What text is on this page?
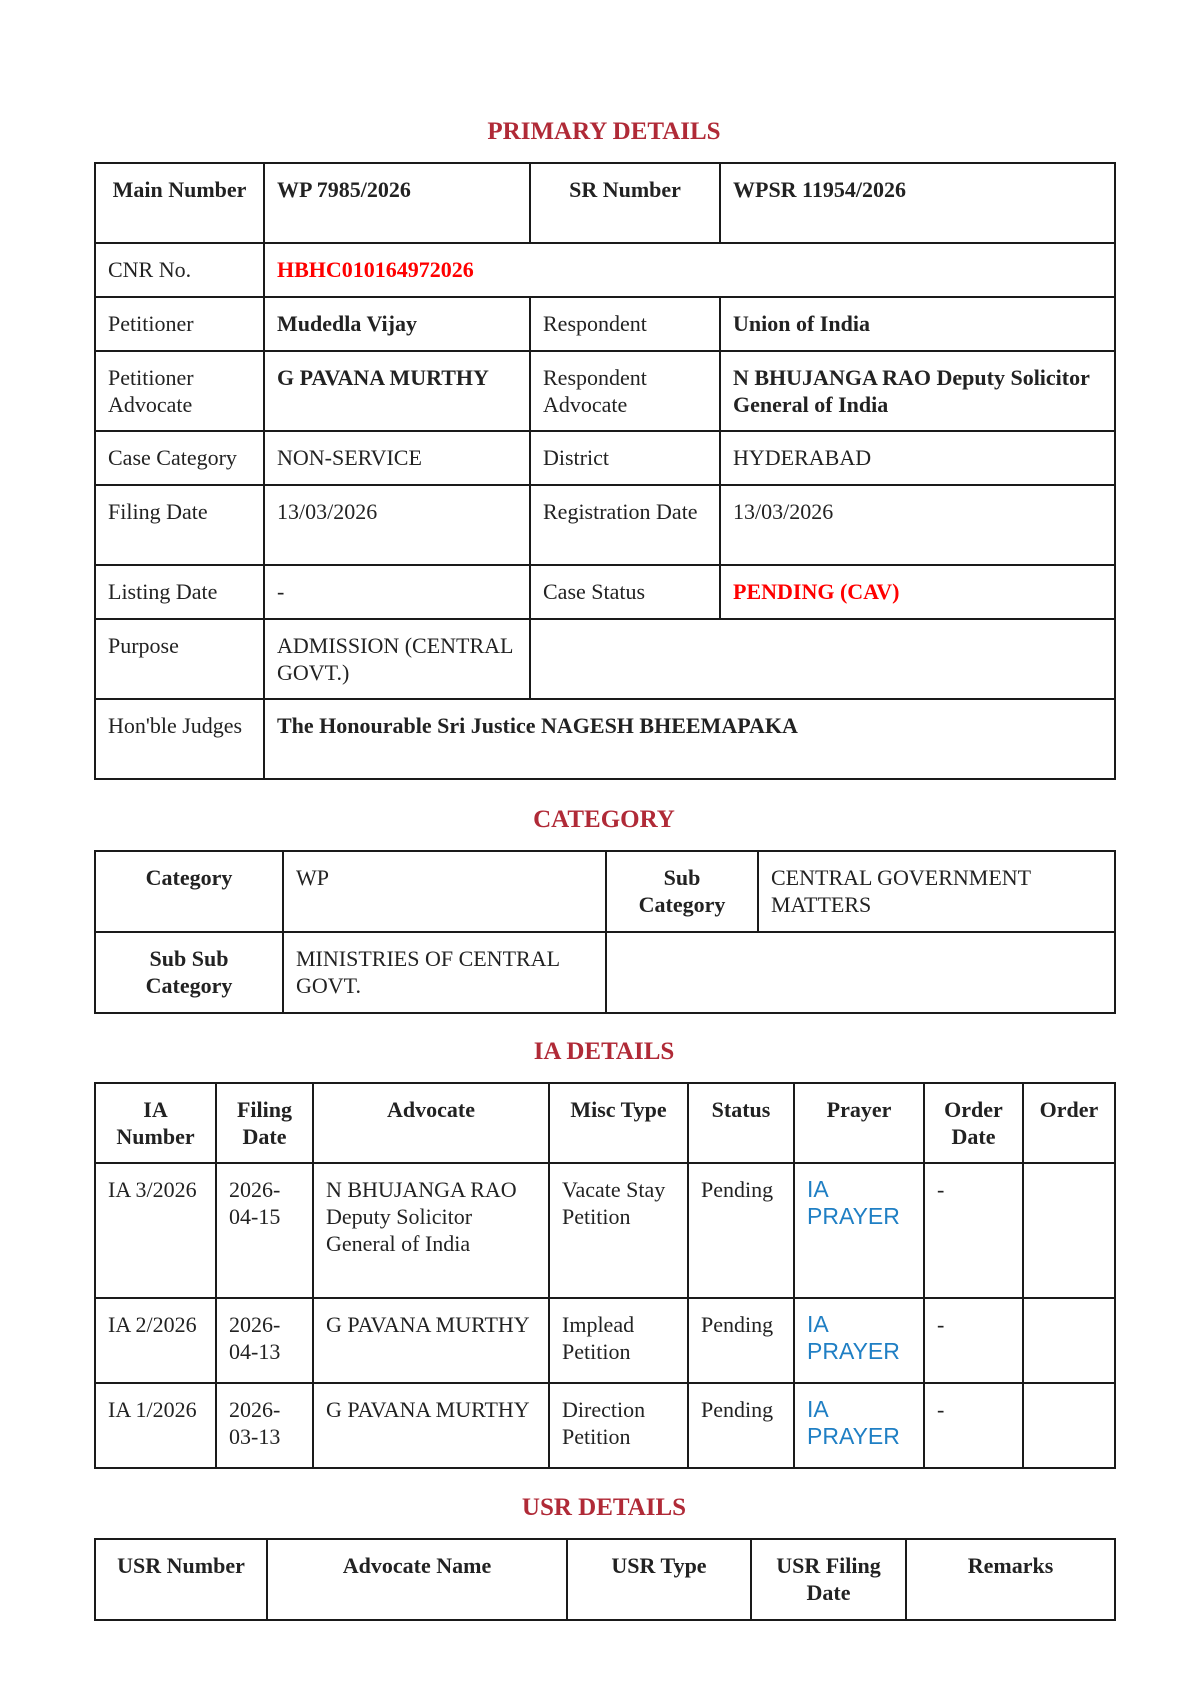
PRIMARY DETAILS
Main Number	WP 7985/2026	SR Number	WPSR 11954/2026
CNR No.	HBHC010164972026		
Petitioner	Mudedla Vijay	Respondent	Union of India
Petitioner Advocate	G PAVANA MURTHY	Respondent Advocate	N BHUJANGA RAO Deputy Solicitor General of India
Case Category	NON-SERVICE	District	HYDERABAD
Filing Date	13/03/2026	Registration Date	13/03/2026
Listing Date	-	Case Status	PENDING (CAV)
Purpose	ADMISSION (CENTRAL GOVT.)		
Hon'ble Judges	The Honourable Sri Justice NAGESH BHEEMAPAKA		
CATEGORY
Category	WP	Sub Category	CENTRAL GOVERNMENT MATTERS
Sub Sub Category	MINISTRIES OF CENTRAL GOVT.		
IA DETAILS
IA Number	Filing Date	Advocate	Misc Type	Status	Prayer	Order Date	Order
IA 3/2026	2026-04-15	N BHUJANGA RAO Deputy Solicitor General of India	Vacate Stay Petition	Pending	IA PRAYER	-	
IA 2/2026	2026-04-13	G PAVANA MURTHY	Implead Petition	Pending	IA PRAYER	-	
IA 1/2026	2026-03-13	G PAVANA MURTHY	Direction Petition	Pending	IA PRAYER	-	
USR DETAILS
USR Number	Advocate Name	USR Type	USR Filing Date	Remarks
